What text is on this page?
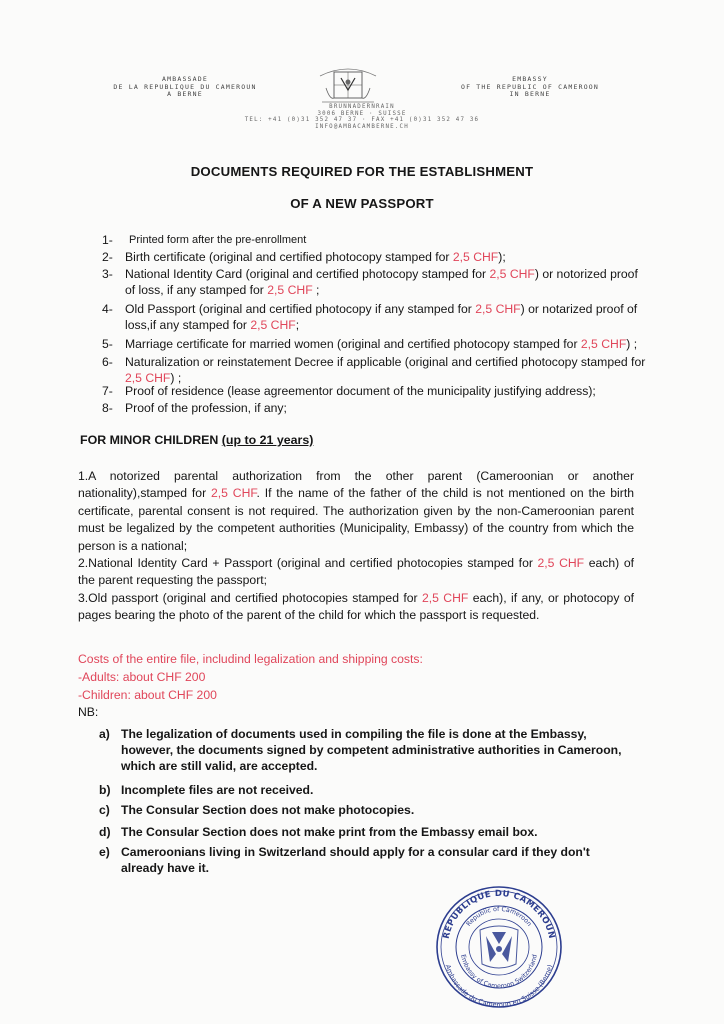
AMBASSADE
DE LA REPUBLIQUE DU CAMEROUN
A BERNE
EMBASSY
OF THE REPUBLIC OF CAMEROON
IN BERNE
BRUNNADERNRAIN
3006 BERNE · SUISSE
TEL: +41 (0)31 352 47 37 · FAX +41 (0)31 352 47 36
INFO@AMBACAMBERNE.CH
DOCUMENTS REQUIRED FOR THE ESTABLISHMENT
OF A NEW PASSPORT
1- Printed form after the pre-enrollment
2- Birth certificate (original and certified photocopy stamped for 2,5 CHF);
3- National Identity Card (original and certified photocopy stamped for 2,5 CHF) or notorized proof
of loss, if any stamped for 2,5 CHF ;
4- Old Passport (original and certified photocopy if any stamped for 2,5 CHF) or notarized proof of
loss,if any stamped for 2,5 CHF;
5- Marriage certificate for married women (original and certified photocopy stamped for 2,5 CHF) ;
6- Naturalization or reinstatement Decree if applicable (original and certified photocopy stamped for
2,5 CHF) ;
7- Proof of residence (lease agreementor document of the municipality justifying address);
8- Proof of the profession, if any;
FOR MINOR CHILDREN (up to 21 years)
1.A notorized parental authorization from the other parent (Cameroonian or another nationality),stamped for 2,5 CHF. If the name of the father of the child is not mentioned on the birth certificate, parental consent is not required. The authorization given by the non-Cameroonian parent must be legalized by the competent authorities (Municipality, Embassy) of the country from which the person is a national;
2.National Identity Card + Passport (original and certified photocopies stamped for 2,5 CHF each) of the parent requesting the passport;
3.Old passport (original and certified photocopies stamped for 2,5 CHF each), if any, or photocopy of pages bearing the photo of the parent of the child for which the passport is requested.
Costs of the entire file, includind legalization and shipping costs:
-Adults: about CHF 200
-Children: about CHF 200
NB:
a) The legalization of documents used in compiling the file is done at the Embassy, however, the documents signed by competent administrative authorities in Cameroon, which are still valid, are accepted.
b) Incomplete files are not received.
c) The Consular Section does not make photocopies.
d) The Consular Section does not make print from the Embassy email box.
e) Cameroonians living in Switzerland should apply for a consular card if they don't already have it.
REPUBLIQUE DU CAMEROUN
Republic of Cameroon
Embassy of Cameroon Switzerland
Ambassade du Cameroun en Suisse (Berne)
